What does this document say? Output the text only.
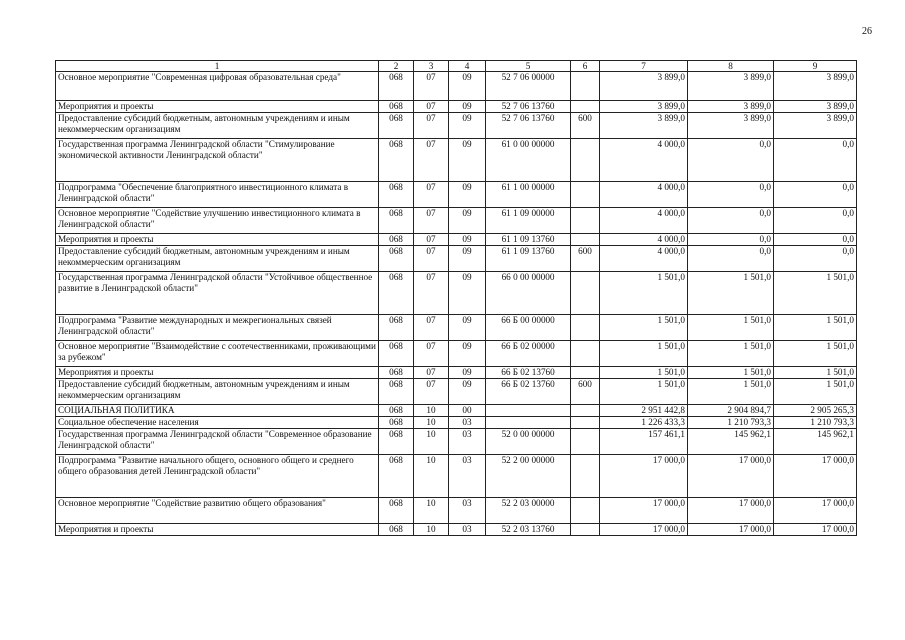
26
1	2	3	4	5	6	7	8	9
Основное мероприятие "Современная цифровая образовательная среда"	068	07	09	52 7 06 00000		3 899,0	3 899,0	3 899,0
Мероприятия и проекты	068	07	09	52 7 06 13760		3 899,0	3 899,0	3 899,0
Предоставление субсидий бюджетным, автономным учреждениям и иным некоммерческим организациям	068	07	09	52 7 06 13760	600	3 899,0	3 899,0	3 899,0
Государственная программа Ленинградской области "Стимулирование экономической активности Ленинградской области"	068	07	09	61 0 00 00000		4 000,0	0,0	0,0
Подпрограмма "Обеспечение благоприятного инвестиционного климата в Ленинградской области"	068	07	09	61 1 00 00000		4 000,0	0,0	0,0
Основное мероприятие "Содействие улучшению инвестиционного климата в Ленинградской области"	068	07	09	61 1 09 00000		4 000,0	0,0	0,0
Мероприятия и проекты	068	07	09	61 1 09 13760		4 000,0	0,0	0,0
Предоставление субсидий бюджетным, автономным учреждениям и иным некоммерческим организациям	068	07	09	61 1 09 13760	600	4 000,0	0,0	0,0
Государственная программа Ленинградской области "Устойчивое общественное развитие в Ленинградской области"	068	07	09	66 0 00 00000		1 501,0	1 501,0	1 501,0
Подпрограмма "Развитие международных и межрегиональных связей Ленинградской области"	068	07	09	66 Б 00 00000		1 501,0	1 501,0	1 501,0
Основное мероприятие "Взаимодействие с соотечественниками, проживающими за рубежом"	068	07	09	66 Б 02 00000		1 501,0	1 501,0	1 501,0
Мероприятия и проекты	068	07	09	66 Б 02 13760		1 501,0	1 501,0	1 501,0
Предоставление субсидий бюджетным, автономным учреждениям и иным некоммерческим организациям	068	07	09	66 Б 02 13760	600	1 501,0	1 501,0	1 501,0
СОЦИАЛЬНАЯ ПОЛИТИКА	068	10	00			2 951 442,8	2 904 894,7	2 905 265,3
Социальное обеспечение населения	068	10	03			1 226 433,3	1 210 793,3	1 210 793,3
Государственная программа Ленинградской области "Современное образование Ленинградской области"	068	10	03	52 0 00 00000		157 461,1	145 962,1	145 962,1
Подпрограмма "Развитие начального общего, основного общего и среднего общего образования детей Ленинградской области"	068	10	03	52 2 00 00000		17 000,0	17 000,0	17 000,0
Основное мероприятие "Содействие развитию общего образования"	068	10	03	52 2 03 00000		17 000,0	17 000,0	17 000,0
Мероприятия и проекты	068	10	03	52 2 03 13760		17 000,0	17 000,0	17 000,0
